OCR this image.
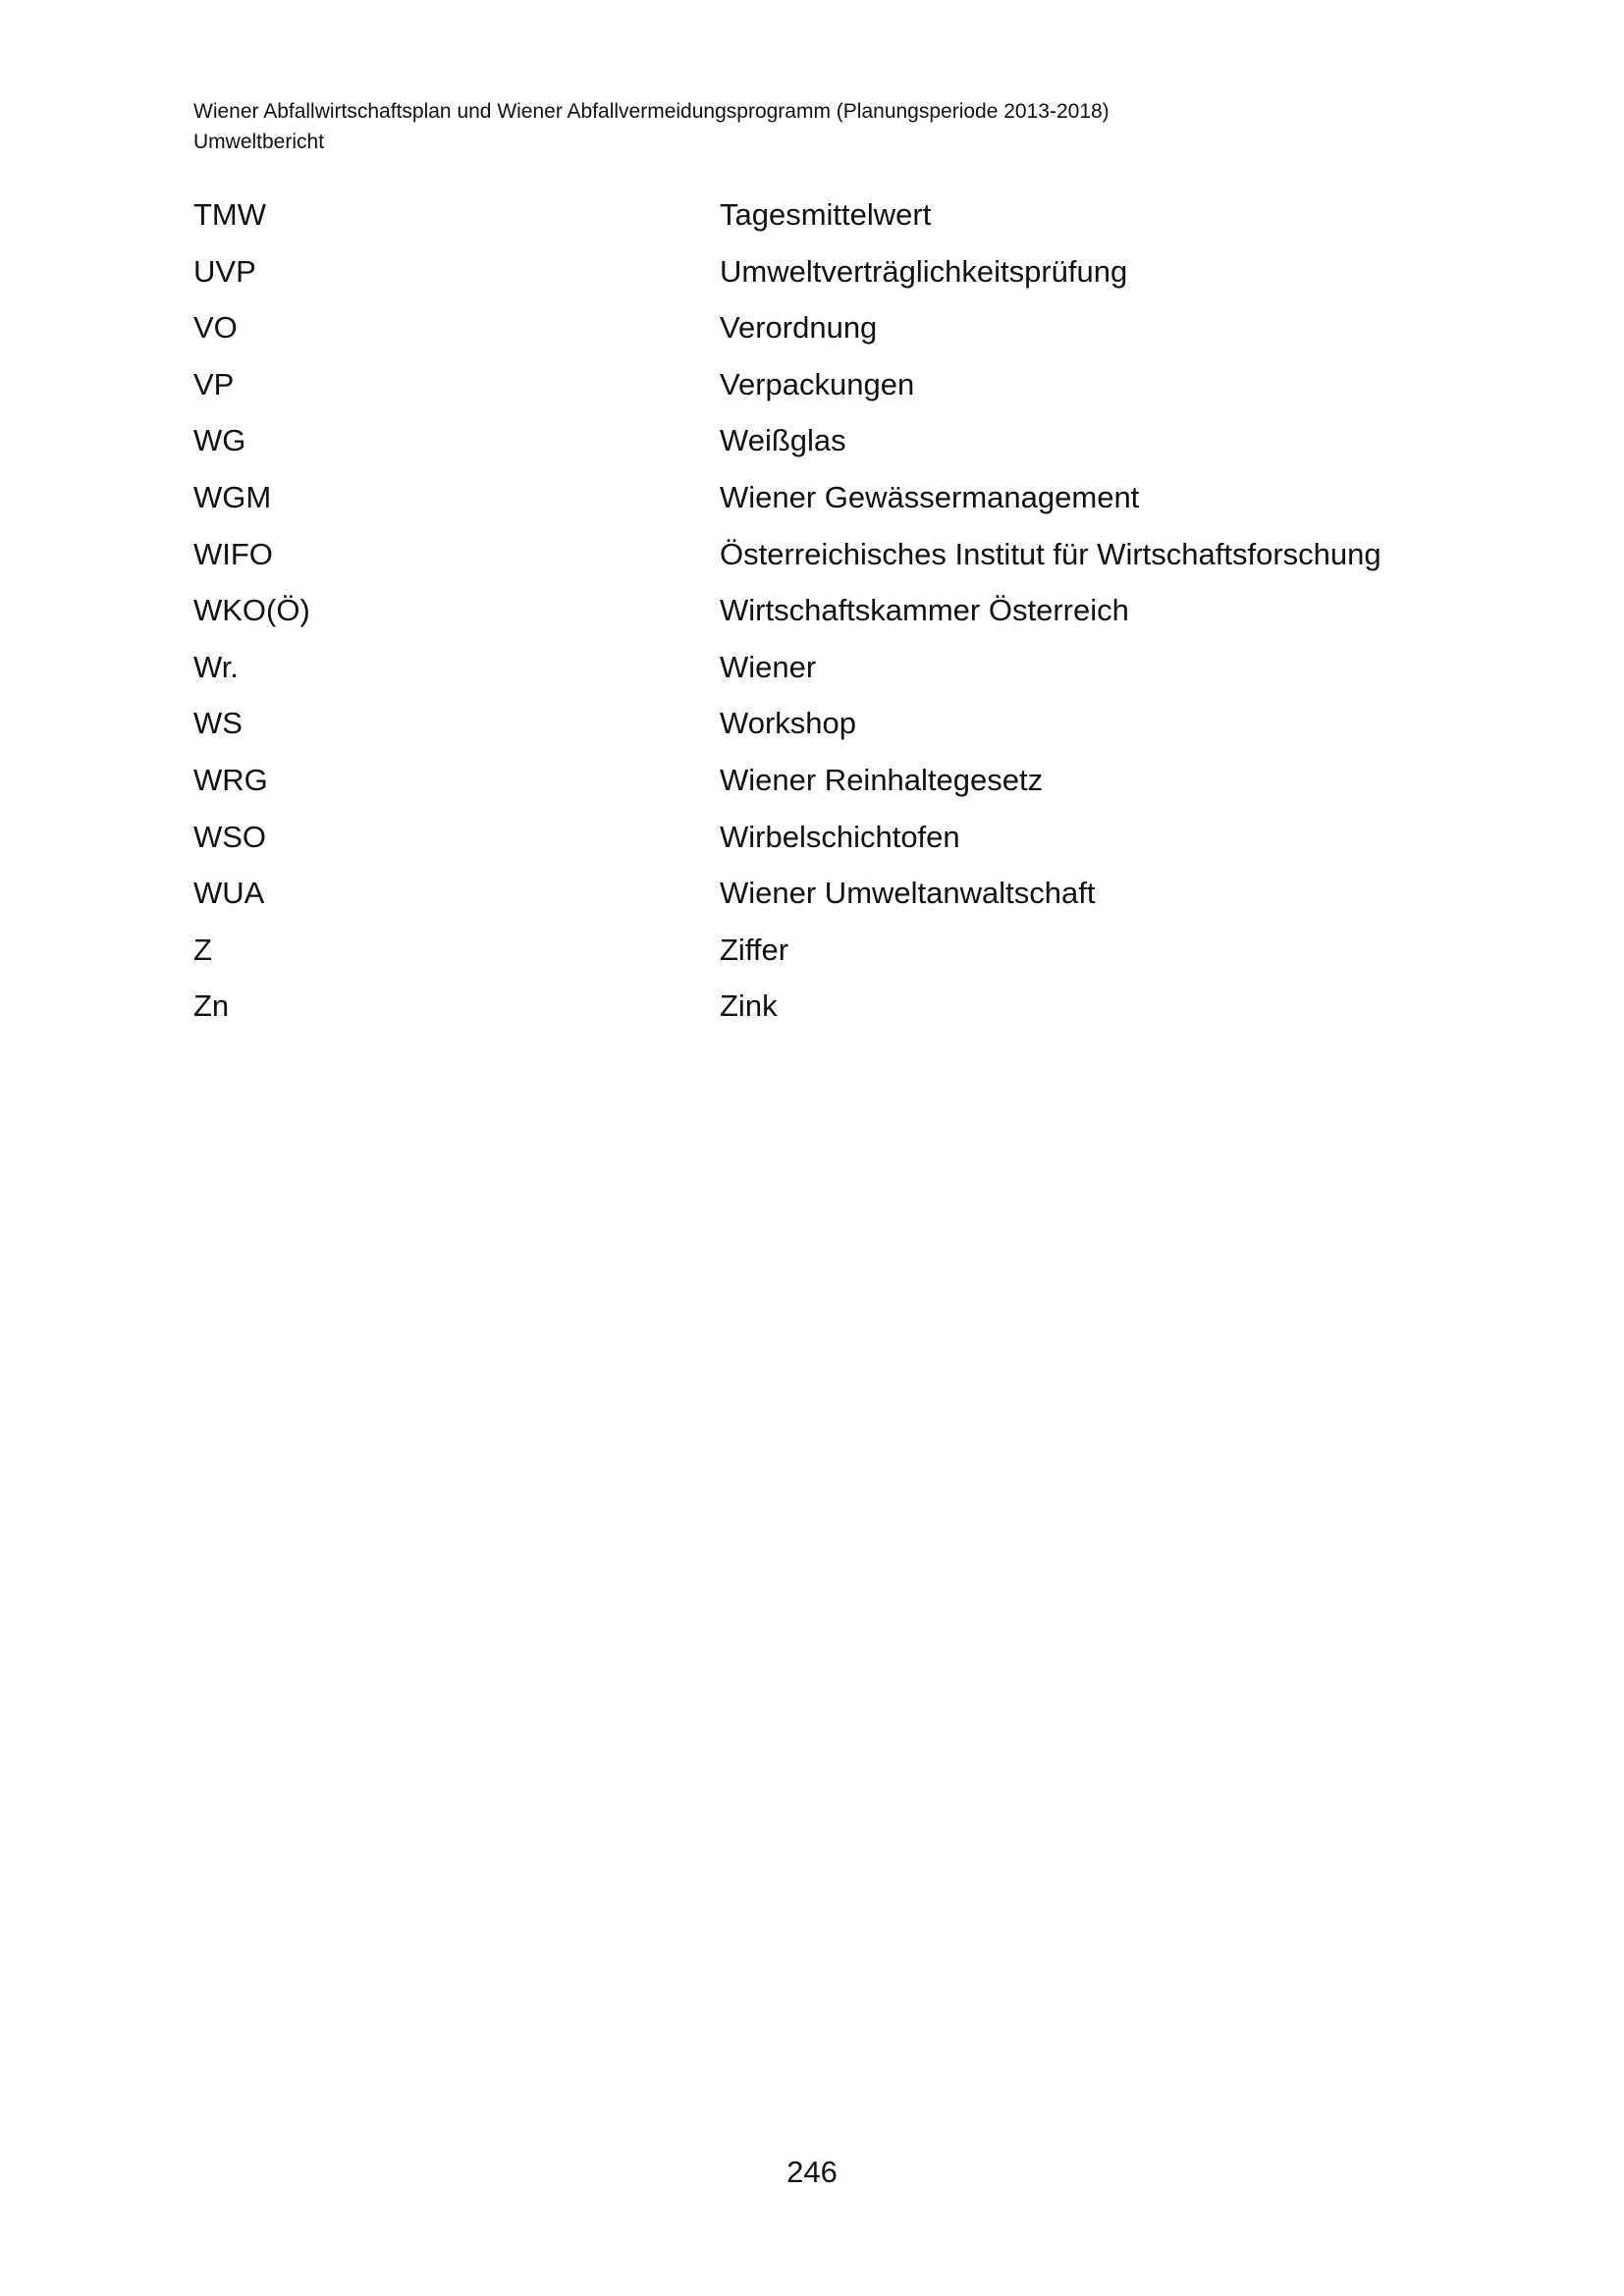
Wiener Abfallwirtschaftsplan und Wiener Abfallvermeidungsprogramm (Planungsperiode 2013-2018)
Umweltbericht
TMW	Tagesmittelwert
UVP	Umweltverträglichkeitsprüfung
VO	Verordnung
VP	Verpackungen
WG	Weißglas
WGM	Wiener Gewässermanagement
WIFO	Österreichisches Institut für Wirtschaftsforschung
WKO(Ö)	Wirtschaftskammer Österreich
Wr.	Wiener
WS	Workshop
WRG	Wiener Reinhaltegesetz
WSO	Wirbelschichtofen
WUA	Wiener Umweltanwaltschaft
Z	Ziffer
Zn	Zink
246
